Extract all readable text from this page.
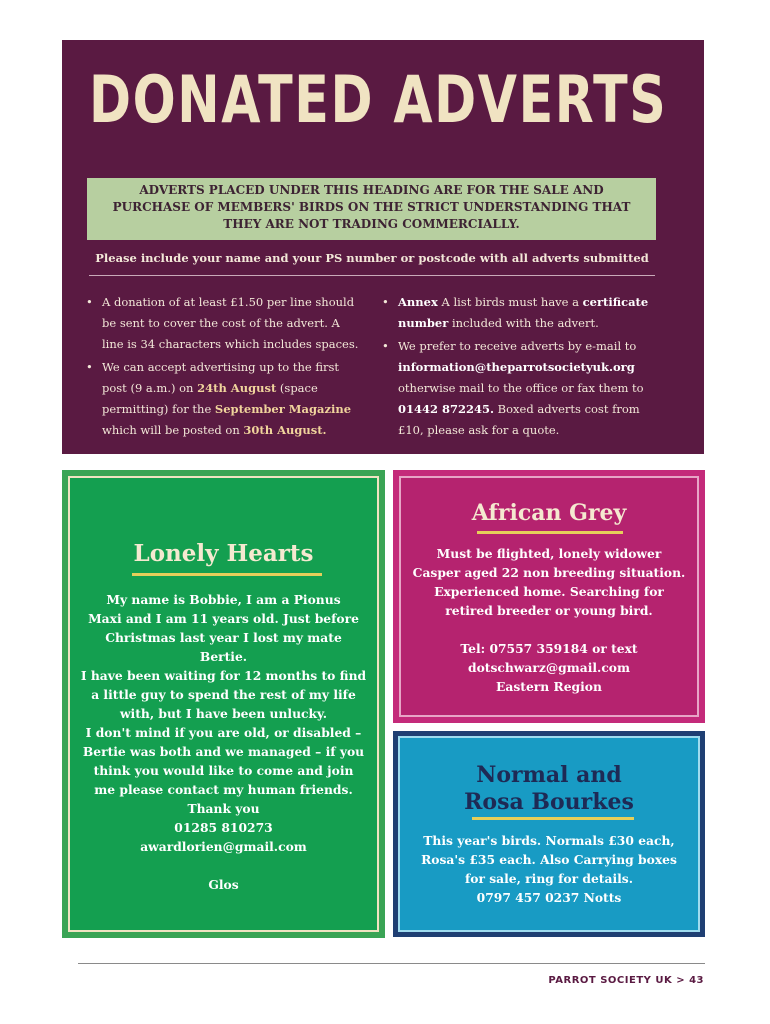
DONATED ADVERTS
ADVERTS PLACED UNDER THIS HEADING ARE FOR THE SALE AND PURCHASE OF MEMBERS' BIRDS ON THE STRICT UNDERSTANDING THAT THEY ARE NOT TRADING COMMERCIALLY.
Please include your name and your PS number or postcode with all adverts submitted
• A donation of at least £1.50 per line should be sent to cover the cost of the advert. A line is 34 characters which includes spaces.
• We can accept advertising up to the first post (9 a.m.) on 24th August (space permitting) for the September Magazine which will be posted on 30th August.
• Annex A list birds must have a certificate number included with the advert.
• We prefer to receive adverts by e-mail to information@theparrotsocietyuk.org otherwise mail to the office or fax them to 01442 872245. Boxed adverts cost from £10, please ask for a quote.
Lonely Hearts
My name is Bobbie, I am a Pionus
Maxi and I am 11 years old. Just before
Christmas last year I lost my mate Bertie.
I have been waiting for 12 months to find
a little guy to spend the rest of my life
with, but I have been unlucky.
I don't mind if you are old, or disabled –
Bertie was both and we managed – if you
think you would like to come and join
me please contact my human friends.
Thank you
01285 810273
awardlorien@gmail.com

Glos
African Grey
Must be flighted, lonely widower
Casper aged 22 non breeding situation.
Experienced home. Searching for
retired breeder or young bird.

Tel: 07557 359184 or text
dotschwarz@gmail.com
Eastern Region
Normal and
Rosa Bourkes
This year's birds. Normals £30 each,
Rosa's £35 each. Also Carrying boxes
for sale, ring for details.
0797 457 0237 Notts
PARROT SOCIETY UK > 43
